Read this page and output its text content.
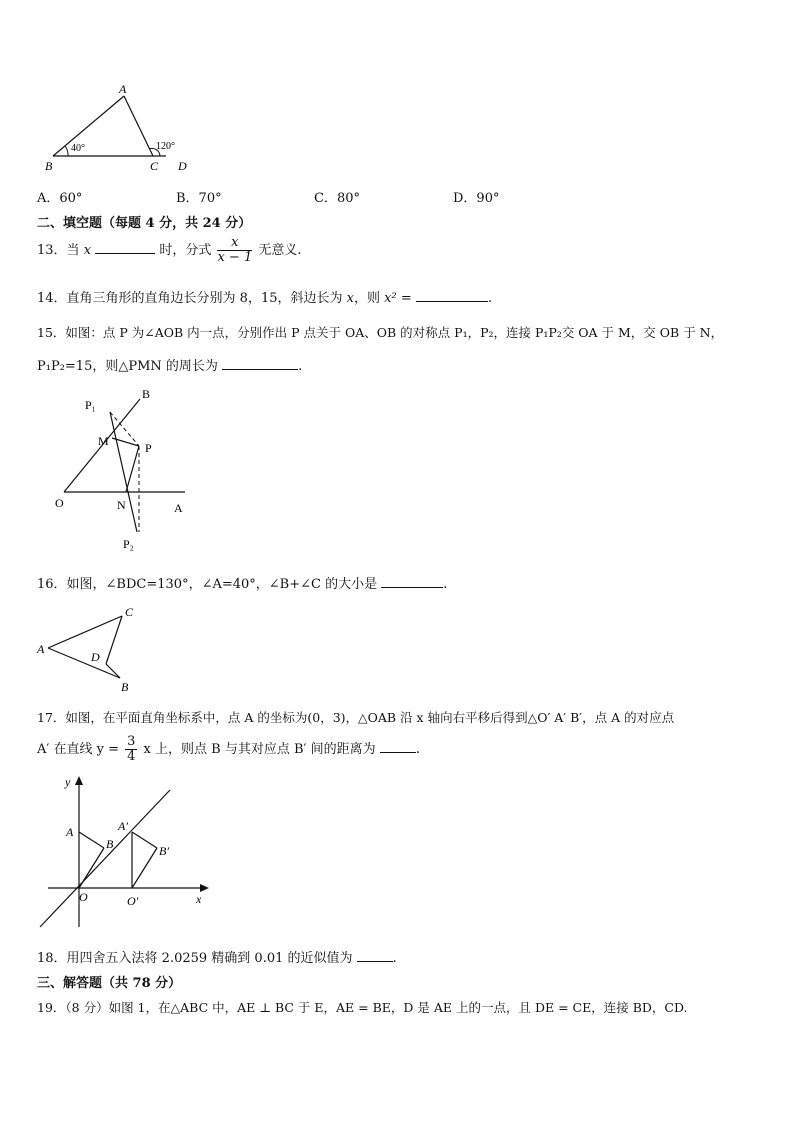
A
B	C D
40°	120°
A．60°	B．70°	C．80°	D．90°
二、填空题（每题 4 分，共 24 分）
13．当 x	时，分式 $\frac{x}{x - 1}$ 无意义.
14．直角三角形的直角边长分别为 8，15，斜边长为 x，则 x² =	.
15．如图：点 P 为∠AOB 内一点，分别作出 P 点关于 OA、OB 的对称点 P₁，P₂，连接 P₁P₂交 OA 于 M，交 OB 于 N，
P₁P₂=15，则△PMN 的周长为	.
P₁
B
M	P
O	N	A
P₂
16．如图，∠BDC=130°，∠A=40°，∠B+∠C 的大小是	.
A
C
D
B
17．如图，在平面直角坐标系中，点 A 的坐标为(0，3)，△OAB 沿 x 轴向右平移后得到△O′ A′ B′，点 A 的对应点
A′ 在直线 $y = \frac{3}{4}$ x 上，则点 B 与其对应点 B′ 间的距离为	.
y
x
A
B
O
A′
B′
O′
18．用四舍五入法将 2.0259 精确到 0.01 的近似值为	.
三、解答题（共 78 分）
19．（8 分）如图 1，在△ABC 中，AE ⊥ BC 于 E，AE = BE，D 是 AE 上的一点，且 DE = CE，连接 BD，CD.
